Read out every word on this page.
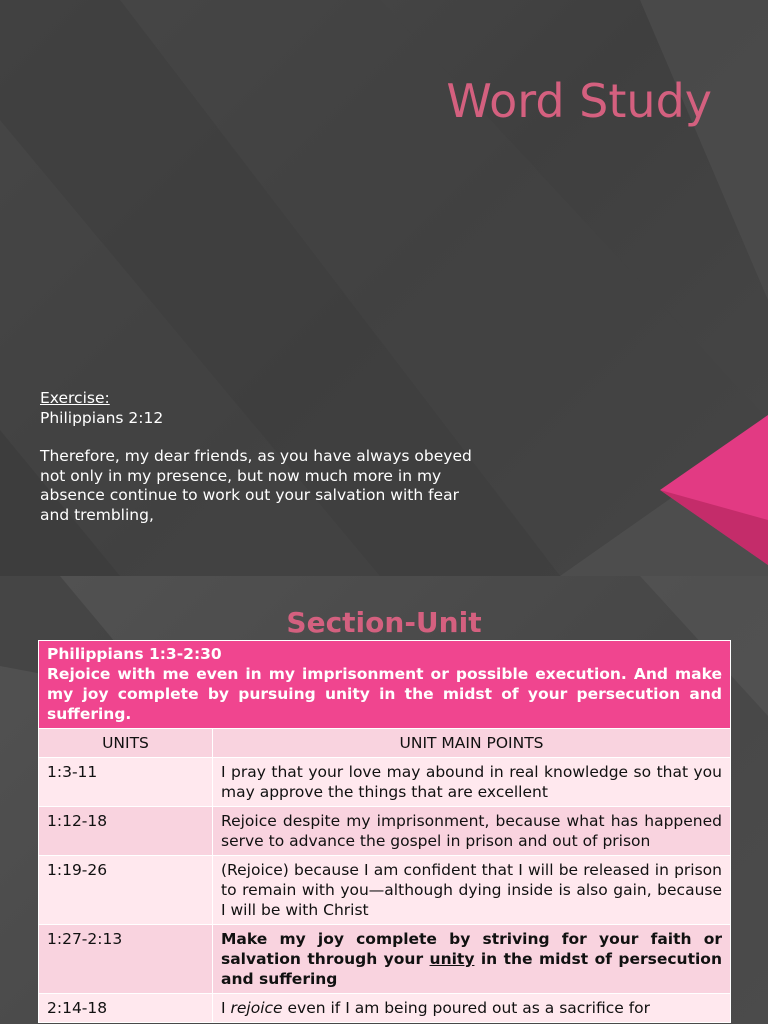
Word Study

Exercise:

Philippians 2:12

Therefore, my dear friends, as you have always obeyed not only in my presence, but now much more in my absence continue to work out your salvation with fear and trembling,

Section-Unit
Philippians 1:3-2:30
Rejoice with me even in my imprisonment or possible execution. And make my joy complete by pursuing unity in the midst of your persecution and suffering.	

UNITS	UNIT MAIN POINTS
1:3-11	I pray that your love may abound in real knowledge so that you may approve the things that are excellent
1:12-18	Rejoice despite my imprisonment, because what has happened serve to advance the gospel in prison and out of prison
1:19-26	(Rejoice) because I am confident that I will be released in prison to remain with you—although dying inside is also gain, because I will be with Christ
1:27-2:13	Make my joy complete by striving for your faith or salvation through your unity in the midst of persecution and suffering
2:14-18	I rejoice even if I am being poured out as a sacrifice for
